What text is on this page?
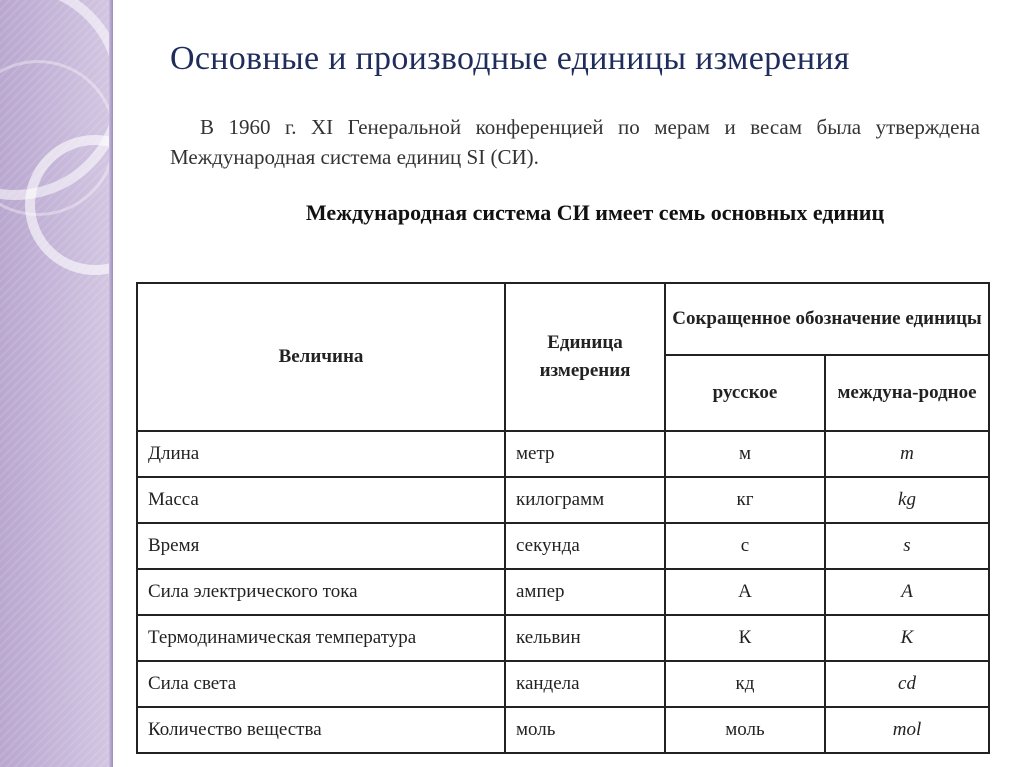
Основные и производные единицы измерения
В 1960 г. XI Генеральной конференцией по мерам и весам была утверждена Международная система единиц SI (СИ).
Международная система СИ имеет семь основных единиц
Величина	Единица измерения	Сокращенное обозначение единицы	
		русское	междуна-родное
Длина	метр	м	m
Масса	килограмм	кг	kg
Время	секунда	с	s
Сила электрического тока	ампер	А	A
Термодинамическая температура	кельвин	К	K
Сила света	кандела	кд	cd
Количество вещества	моль	моль	mol
